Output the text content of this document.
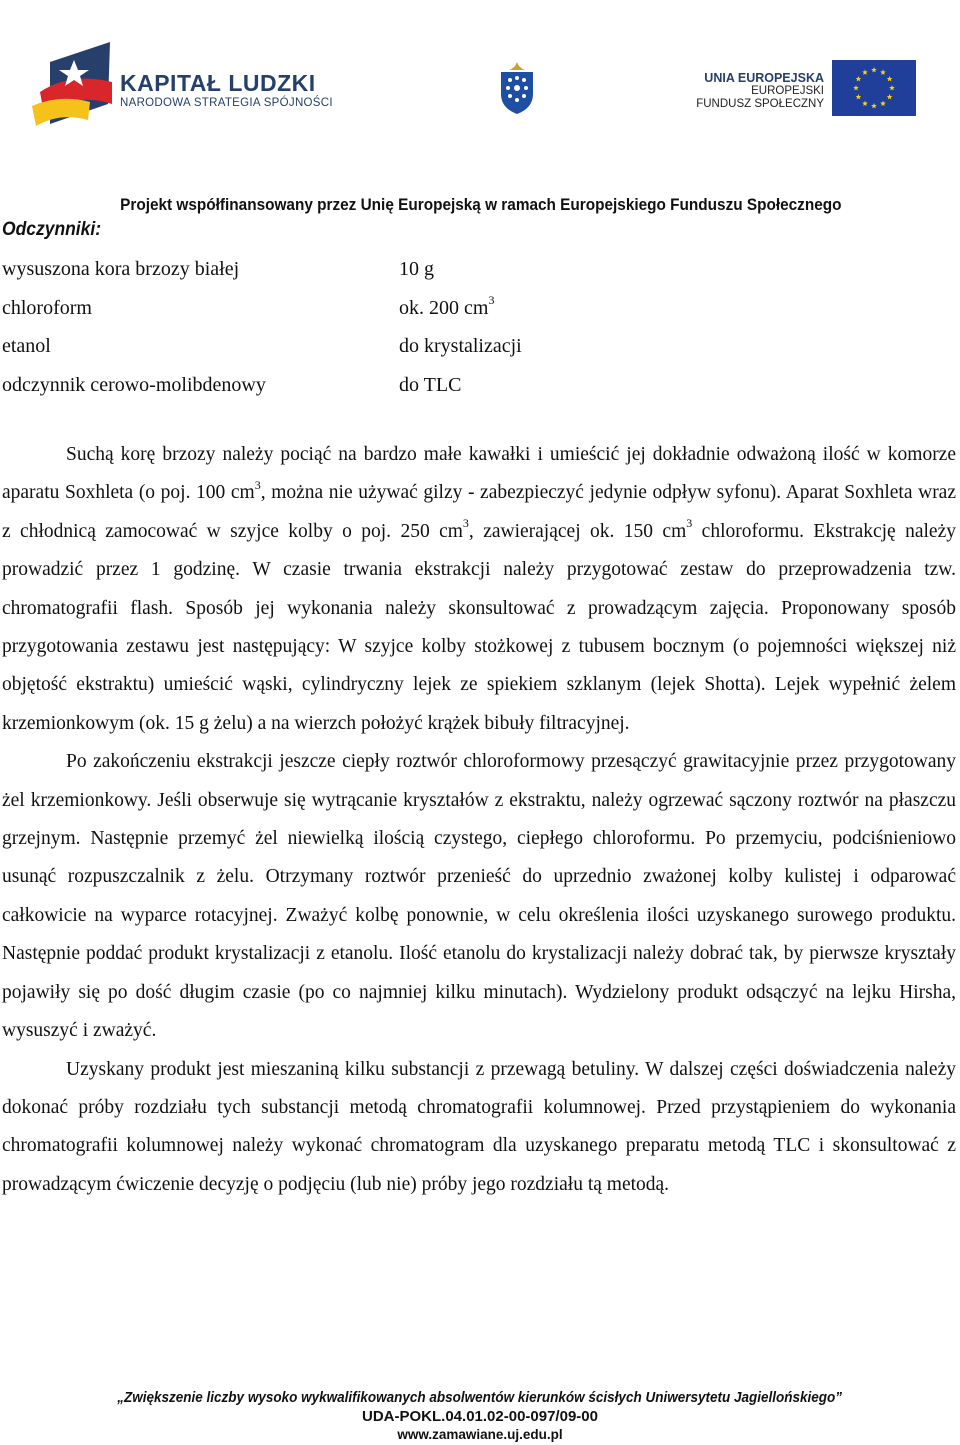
KAPITAŁ LUDZKI
NARODOWA STRATEGIA SPÓJNOŚCI
UNIA EUROPEJSKA
EUROPEJSKI
FUNDUSZ SPOŁECZNY
Projekt współfinansowany przez Unię Europejską w ramach Europejskiego Funduszu Społecznego
Odczynniki:
wysuszona kora brzozy białej	10 g
chloroform	ok. 200 $cm^3$
etanol	do krystalizacji
odczynnik cerowo-molibdenowy	do TLC

Suchą korę brzozy należy pociąć na bardzo małe kawałki i umieścić jej dokładnie odważoną ilość w komorze aparatu Soxhleta (o poj. 100 $cm^3$, można nie używać gilzy - zabezpieczyć jedynie odpływ syfonu). Aparat Soxhleta wraz z chłodnicą zamocować w szyjce kolby o poj. 250 $cm^3$, zawierającej ok. 150 $cm^3$ chloroformu. Ekstrakcję należy prowadzić przez 1 godzinę. W czasie trwania ekstrakcji należy przygotować zestaw do przeprowadzenia tzw. chromatografii flash. Sposób jej wykonania należy skonsultować z prowadzącym zajęcia. Proponowany sposób przygotowania zestawu jest następujący: W szyjce kolby stożkowej z tubusem bocznym (o pojemności większej niż objętość ekstraktu) umieścić wąski, cylindryczny lejek ze spiekiem szklanym (lejek Shotta). Lejek wypełnić żelem krzemionkowym (ok. 15 g żelu) a na wierzch położyć krążek bibuły filtracyjnej.

Po zakończeniu ekstrakcji jeszcze ciepły roztwór chloroformowy przesączyć grawitacyjnie przez przygotowany żel krzemionkowy. Jeśli obserwuje się wytrącanie kryształów z ekstraktu, należy ogrzewać sączony roztwór na płaszczu grzejnym. Następnie przemyć żel niewielką ilością czystego, ciepłego chloroformu. Po przemyciu, podciśnieniowo usunąć rozpuszczalnik z żelu. Otrzymany roztwór przenieść do uprzednio zważonej kolby kulistej i odparować całkowicie na wyparce rotacyjnej. Zważyć kolbę ponownie, w celu określenia ilości uzyskanego surowego produktu. Następnie poddać produkt krystalizacji z etanolu. Ilość etanolu do krystalizacji należy dobrać tak, by pierwsze kryształy pojawiły się po dość długim czasie (po co najmniej kilku minutach). Wydzielony produkt odsączyć na lejku Hirsha, wysuszyć i zważyć.

Uzyskany produkt jest mieszaniną kilku substancji z przewagą betuliny. W dalszej części doświadczenia należy dokonać próby rozdziału tych substancji metodą chromatografii kolumnowej. Przed przystąpieniem do wykonania chromatografii kolumnowej należy wykonać chromatogram dla uzyskanego preparatu metodą TLC i skonsultować z prowadzącym ćwiczenie decyzję o podjęciu (lub nie) próby jego rozdziału tą metodą.

„Zwiększenie liczby wysoko wykwalifikowanych absolwentów kierunków ścisłych Uniwersytetu Jagiellońskiego”
UDA-POKL.04.01.02-00-097/09-00
www.zamawiane.uj.edu.pl
